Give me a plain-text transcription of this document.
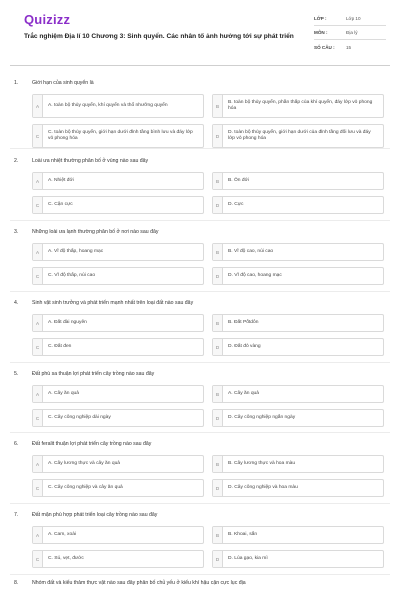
Quizizz
Trắc nghiệm Địa lí 10 Chương 3: Sinh quyển. Các nhân tố ảnh hưởng tới sự phát triển
LỚP :	Lớp 10
MÔN :	Địa lý
SỐ CÂU :	15
1.	Giới hạn của sinh quyển là
A	A. toàn bộ thủy quyển, khí quyển và thổ nhưỡng quyển	B
B. toàn bộ thủy quyển, phần thấp của khí quyển, đáy lớp vỏ phong hóa
C
C. toàn bộ thủy quyển, giới hạn dưới đỉnh tầng bình lưu và đáy lớp vỏ phong hóa	D
D. toàn bộ thủy quyển, giới hạn dưới của đỉnh tầng đối lưu và đáy lớp vỏ phong hóa
2.	Loài ưa nhiệt thường phân bố ở vùng nào sau đây
A	A. Nhiệt đới	B	B. Ôn đới
C	C. Cận cực	D	D. Cực
3.	Những loài ưa lạnh thường phân bố ở nơi nào sau đây
A	A. Vĩ độ thấp, hoang mạc	B	B. Vĩ độ cao, núi cao
C	C. Vĩ độ thấp, núi cao	D	D. Vĩ độ cao, hoang mạc
4.	Sinh vật sinh trưởng và phát triển mạnh nhất trên loại đất nào sau đây
A	A. Đất đài nguyên	B	B. Đất Pốtdôn
C	C. Đất đen	D	D. Đất đỏ vàng
5.	Đất phù sa thuận lợi phát triển cây trồng nào sau đây
A	A. Cây ăn quả	B	A. Cây ăn quả
C	C. Cây công nghiệp dài ngày	D	D. Cây công nghiệp ngắn ngày
6.	Đất feralit thuận lợi phát triển cây trồng nào sau đây
A	A. Cây lương thực và cây ăn quả	B	B. Cây lương thực và hoa màu
C	C. Cây công nghiệp và cây ăn quả	D	D. Cây công nghiệp và hoa màu
7.	Đất mặn phù hợp phát triển loại cây trồng nào sau đây
A	A. Cam, xoài	B	B. Khoai, sắn
C	C. Sú, vẹt, đước	D	D. Lúa gạo, kia mì
8.	Nhóm đất và kiểu thảm thực vật nào sau đây phân bố chủ yếu ở kiểu khí hậu cận cực lục địa
